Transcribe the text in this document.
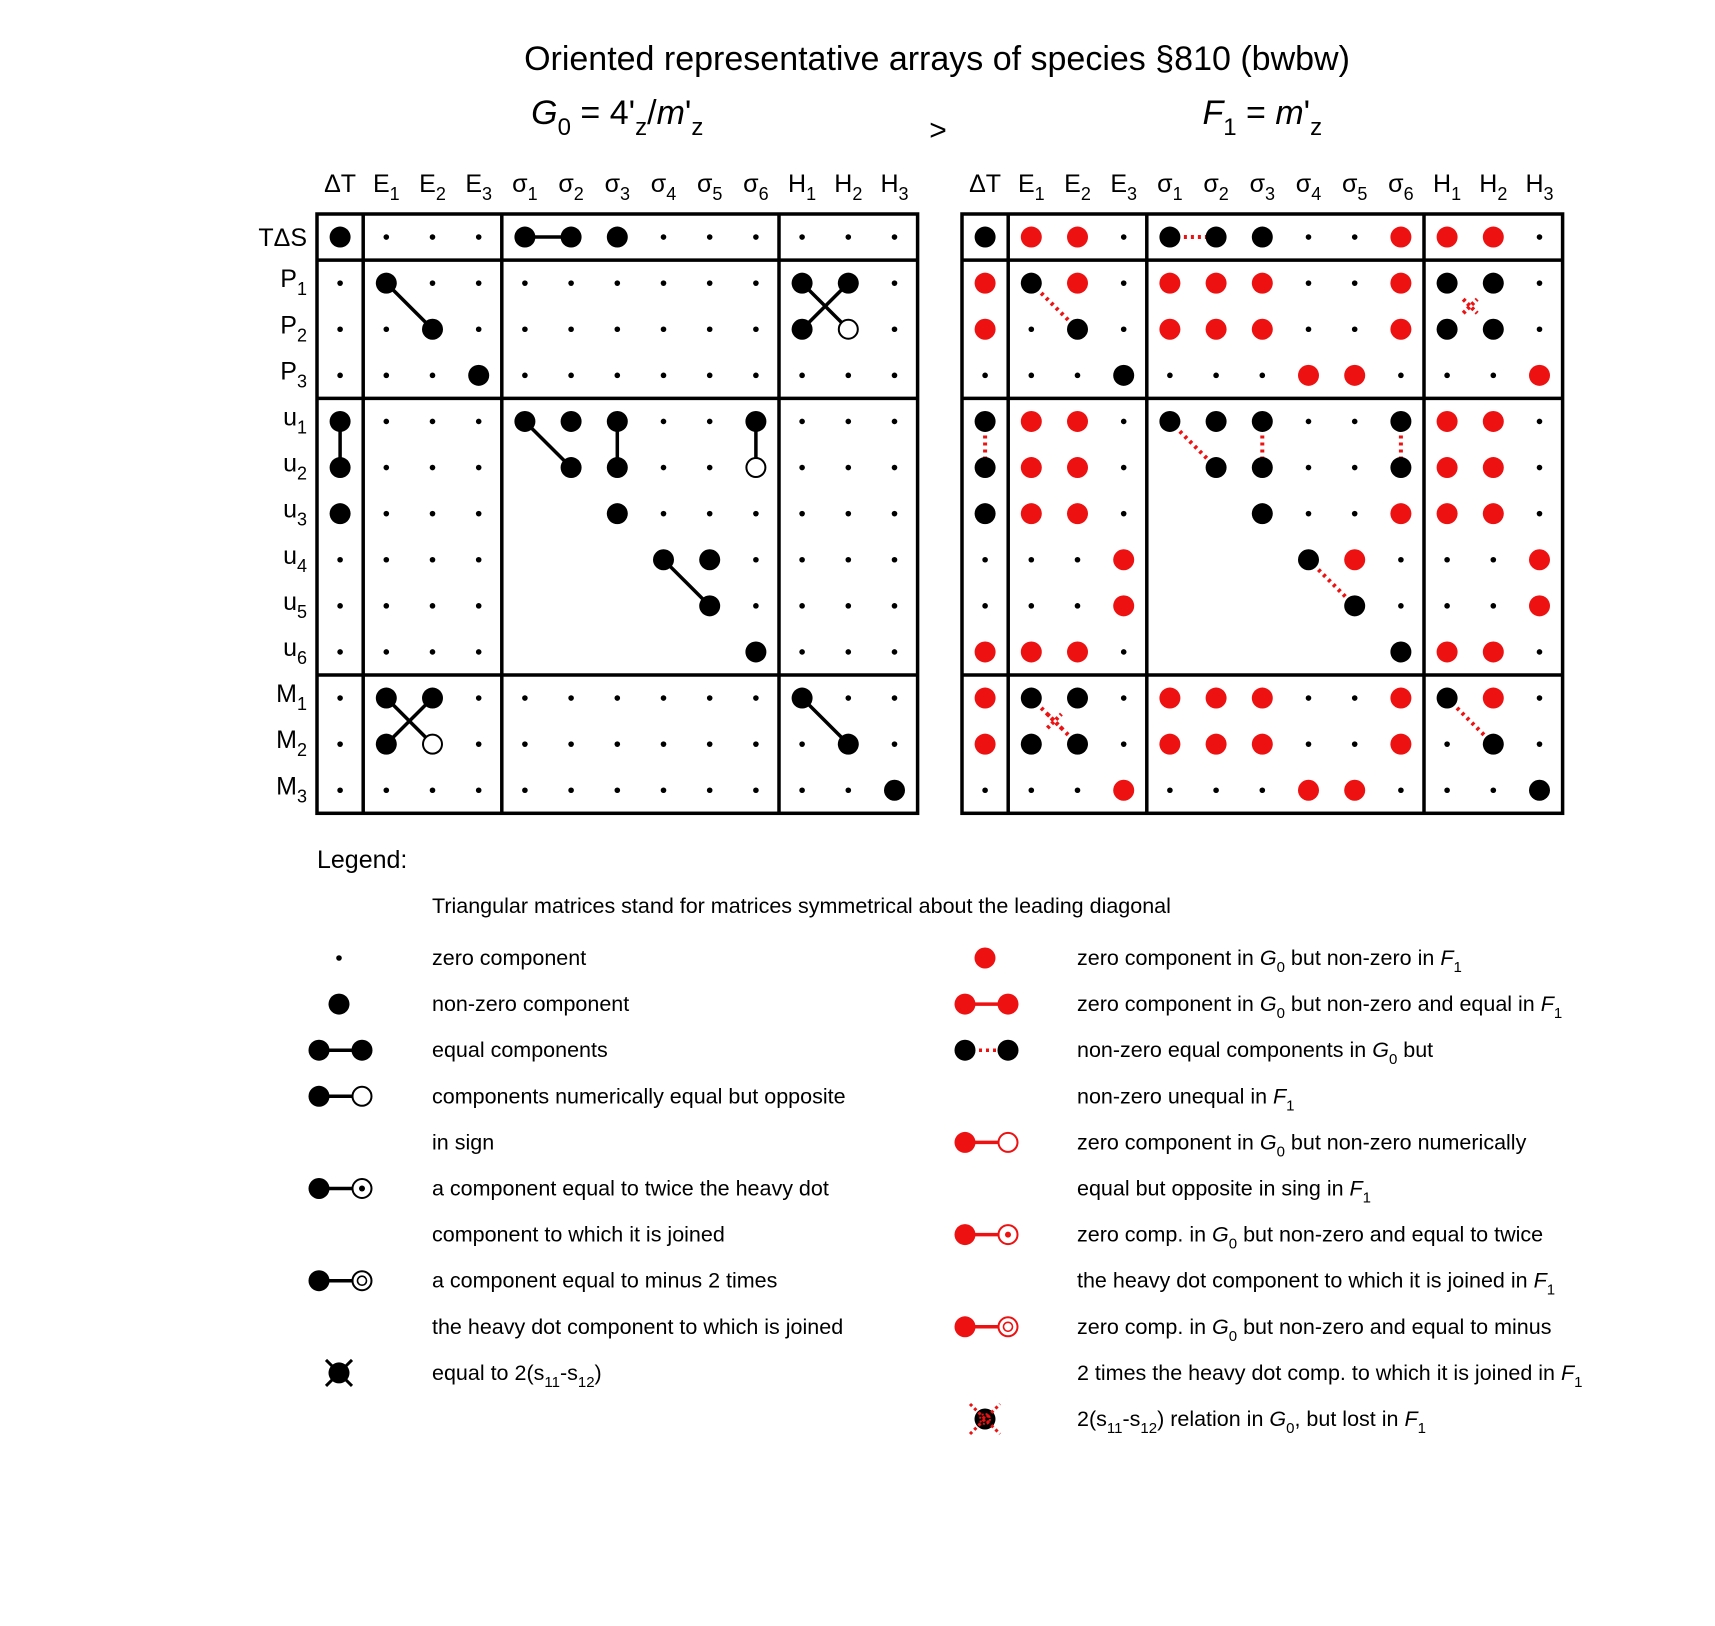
Oriented representative arrays of species §810 (bwbw)
>
$G_0 = 4'_z/m'_z$
ΔT $E_1$ $E_2$ $E_3$ $\sigma_1$ $\sigma_2$ $\sigma_3$ $\sigma_4$ $\sigma_5$ $\sigma_6$ $H_1$ $H_2$ $H_3$
TΔS
$P_1$
$P_2$
$P_3$
$u_1$
$u_2$
$u_3$
$u_4$
$u_5$
$u_6$
$M_1$
$M_2$
$M_3$
$F_1 = m'_z$
ΔT $E_1$ $E_2$ $E_3$ $\sigma_1$ $\sigma_2$ $\sigma_3$ $\sigma_4$ $\sigma_5$ $\sigma_6$ $H_1$ $H_2$ $H_3$
Legend:
Triangular matrices stand for matrices symmetrical about the leading diagonal
zero component
non-zero component
equal components
components numerically equal but opposite
in sign
a component equal to twice the heavy dot
component to which it is joined
a component equal to minus 2 times
the heavy dot component to which is joined
equal to $2(s_{11}-s_{12})$
zero component in $G_0$ but non-zero in $F_1$
zero component in $G_0$ but non-zero and equal in $F_1$
non-zero equal components in $G_0$ but
non-zero unequal in $F_1$
zero component in $G_0$ but non-zero numerically
equal but opposite in sing in $F_1$
zero comp. in $G_0$ but non-zero and equal to twice
the heavy dot component to which it is joined in $F_1$
zero comp. in $G_0$ but non-zero and equal to minus
2 times the heavy dot comp. to which it is joined in $F_1$
$2(s_{11}-s_{12})$ relation in $G_0$, but lost in $F_1$
